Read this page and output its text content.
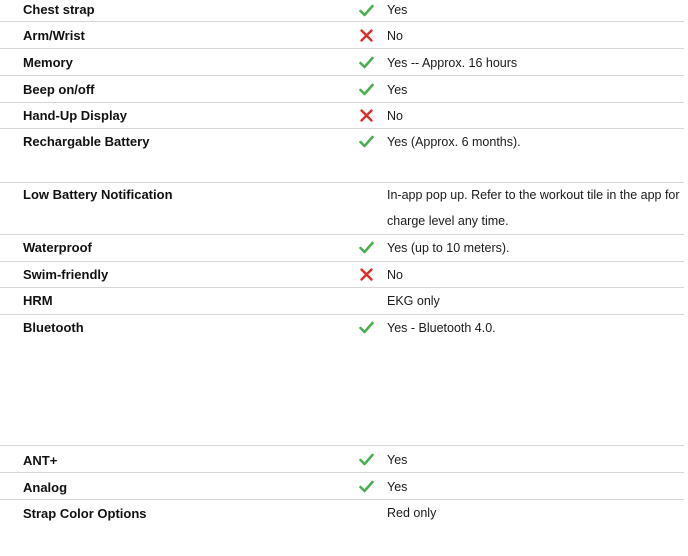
Chest strap	Yes
Arm/Wrist	No
Memory	Yes -- Approx. 16 hours
Beep on/off	Yes
Hand-Up Display	No
Rechargable Battery	Yes (Approx. 6 months).
Low Battery Notification	In-app pop up. Refer to the workout tile in the app for
charge level any time.
Waterproof	Yes (up to 10 meters).
Swim-friendly	No
HRM	EKG only
Bluetooth	Yes - Bluetooth 4.0.
ANT+	Yes
Analog	Yes
Strap Color Options	Red only
